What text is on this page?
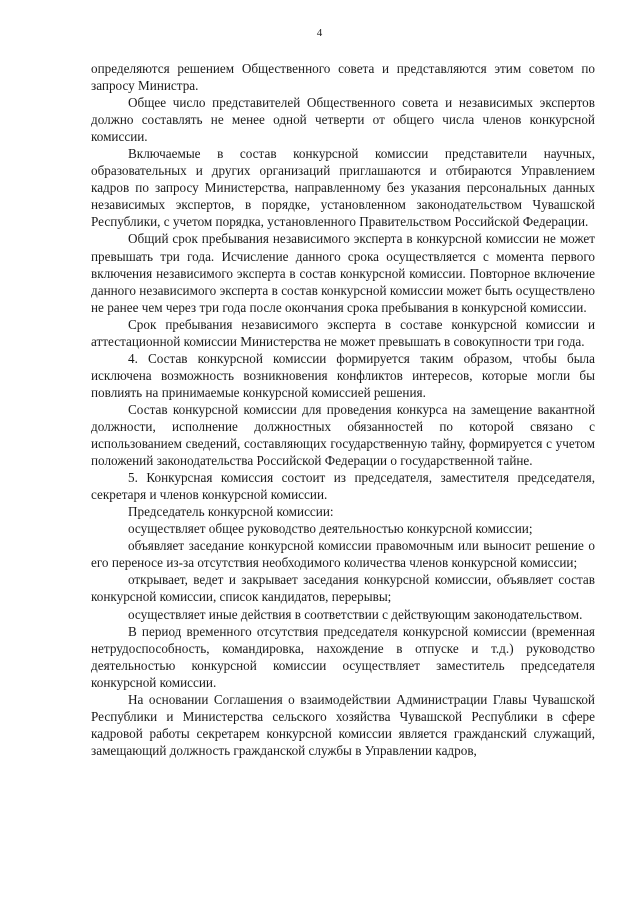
4

определяются решением Общественного совета и представляются этим советом по запросу Министра.

Общее число представителей Общественного совета и независимых экспертов должно составлять не менее одной четверти от общего числа членов конкурсной комиссии.

Включаемые в состав конкурсной комиссии представители научных, образовательных и других организаций приглашаются и отбираются Управлением кадров по запросу Министерства, направленному без указания персональных данных независимых экспертов, в порядке, установленном законодательством Чувашской Республики, с учетом порядка, установленного Правительством Российской Федерации.

Общий срок пребывания независимого эксперта в конкурсной комиссии не может превышать три года. Исчисление данного срока осуществляется с момента первого включения независимого эксперта в состав конкурсной комиссии. Повторное включение данного независимого эксперта в состав конкурсной комиссии может быть осуществлено не ранее чем через три года после окончания срока пребывания в конкурсной комиссии.

Срок пребывания независимого эксперта в составе конкурсной комиссии и аттестационной комиссии Министерства не может превышать в совокупности три года.

4. Состав конкурсной комиссии формируется таким образом, чтобы была исключена возможность возникновения конфликтов интересов, которые могли бы повлиять на принимаемые конкурсной комиссией решения.

Состав конкурсной комиссии для проведения конкурса на замещение вакантной должности, исполнение должностных обязанностей по которой связано с использованием сведений, составляющих государственную тайну, формируется с учетом положений законодательства Российской Федерации о государственной тайне.

5. Конкурсная комиссия состоит из председателя, заместителя председателя, секретаря и членов конкурсной комиссии.

Председатель конкурсной комиссии:

осуществляет общее руководство деятельностью конкурсной комиссии;

объявляет заседание конкурсной комиссии правомочным или выносит решение о его переносе из-за отсутствия необходимого количества членов конкурсной комиссии;

открывает, ведет и закрывает заседания конкурсной комиссии, объявляет состав конкурсной комиссии, список кандидатов, перерывы;

осуществляет иные действия в соответствии с действующим законодательством.

В период временного отсутствия председателя конкурсной комиссии (временная нетрудоспособность, командировка, нахождение в отпуске и т.д.) руководство деятельностью конкурсной комиссии осуществляет заместитель председателя конкурсной комиссии.

На основании Соглашения о взаимодействии Администрации Главы Чувашской Республики и Министерства сельского хозяйства Чувашской Республики в сфере кадровой работы секретарем конкурсной комиссии является гражданский служащий, замещающий должность гражданской службы в Управлении кадров,
